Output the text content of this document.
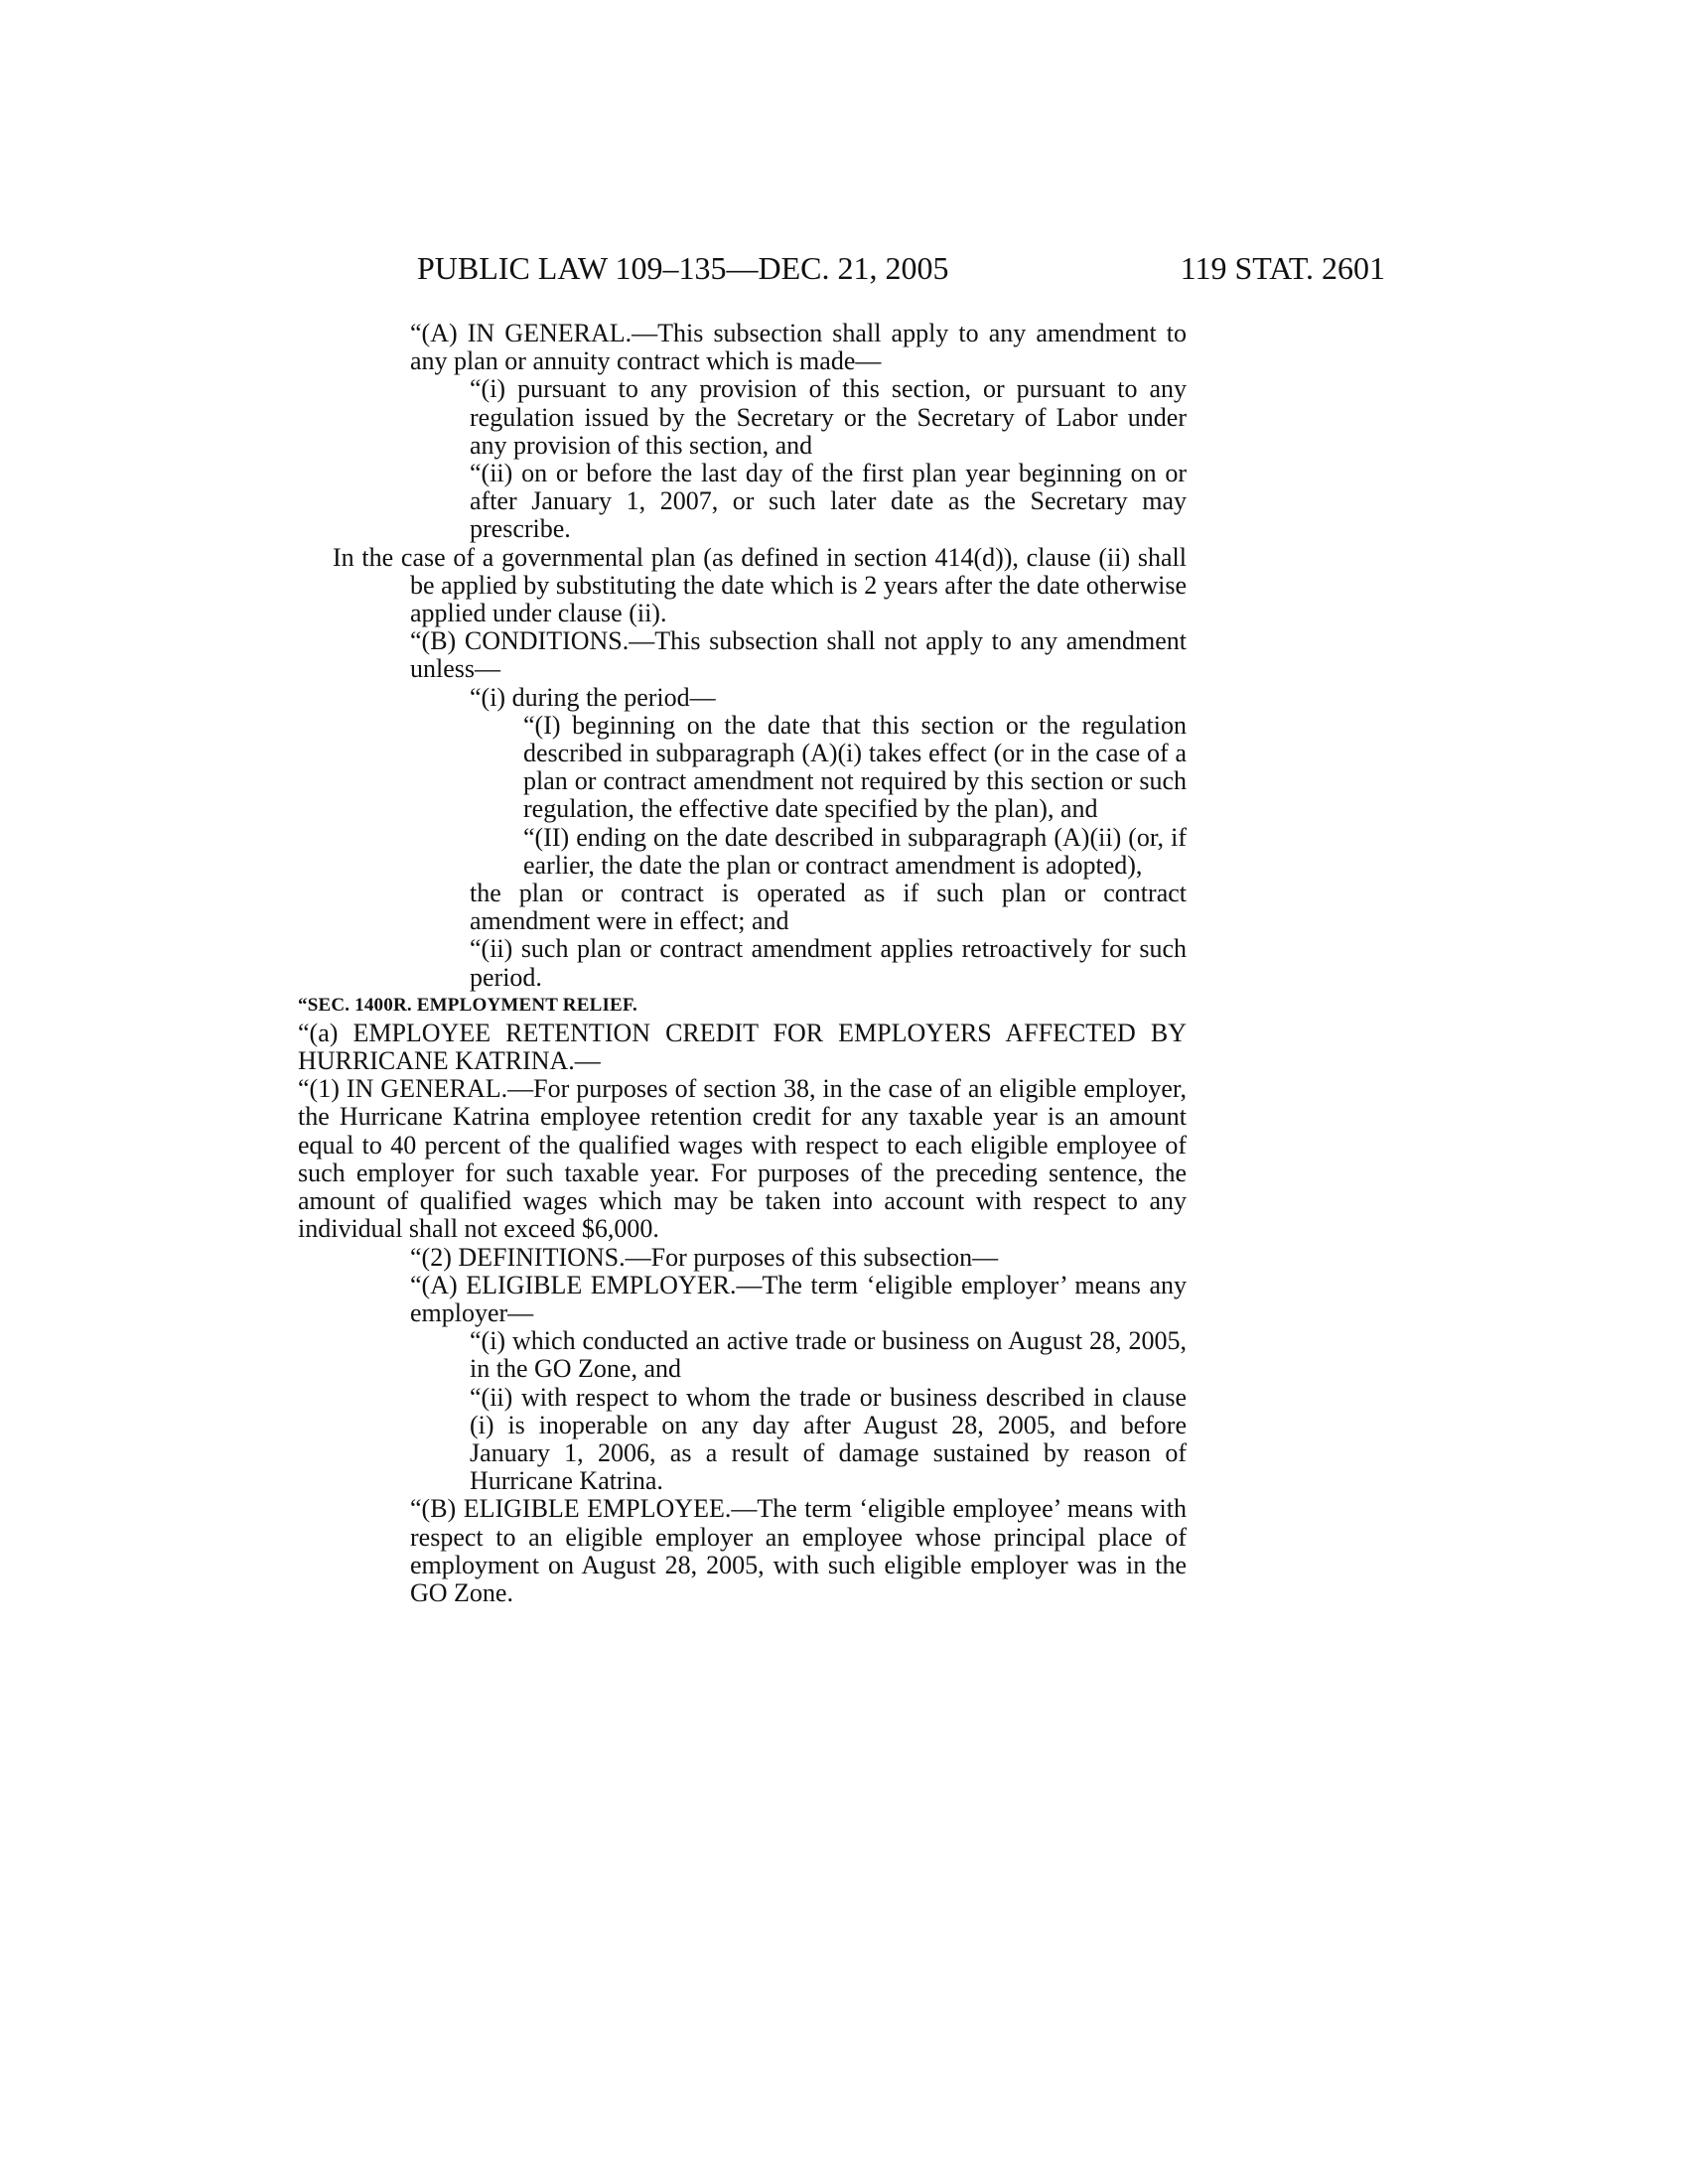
PUBLIC LAW 109–135—DEC. 21, 2005	119 STAT. 2601

“(A) IN GENERAL.—This subsection shall apply to any amendment to any plan or annuity contract which is made—

“(i) pursuant to any provision of this section, or pursuant to any regulation issued by the Secretary or the Secretary of Labor under any provision of this section, and

“(ii) on or before the last day of the first plan year beginning on or after January 1, 2007, or such later date as the Secretary may prescribe.

In the case of a governmental plan (as defined in section 414(d)), clause (ii) shall be applied by substituting the date which is 2 years after the date otherwise applied under clause (ii).

“(B) CONDITIONS.—This subsection shall not apply to any amendment unless—

“(i) during the period—

“(I) beginning on the date that this section or the regulation described in subparagraph (A)(i) takes effect (or in the case of a plan or contract amendment not required by this section or such regulation, the effective date specified by the plan), and

“(II) ending on the date described in subparagraph (A)(ii) (or, if earlier, the date the plan or contract amendment is adopted),

the plan or contract is operated as if such plan or contract amendment were in effect; and

“(ii) such plan or contract amendment applies retroactively for such period.

“SEC. 1400R. EMPLOYMENT RELIEF.

“(a) EMPLOYEE RETENTION CREDIT FOR EMPLOYERS AFFECTED BY HURRICANE KATRINA.—

“(1) IN GENERAL.—For purposes of section 38, in the case of an eligible employer, the Hurricane Katrina employee retention credit for any taxable year is an amount equal to 40 percent of the qualified wages with respect to each eligible employee of such employer for such taxable year. For purposes of the preceding sentence, the amount of qualified wages which may be taken into account with respect to any individual shall not exceed $6,000.

“(2) DEFINITIONS.—For purposes of this subsection—

“(A) ELIGIBLE EMPLOYER.—The term ‘eligible employer’ means any employer—

“(i) which conducted an active trade or business on August 28, 2005, in the GO Zone, and

“(ii) with respect to whom the trade or business described in clause (i) is inoperable on any day after August 28, 2005, and before January 1, 2006, as a result of damage sustained by reason of Hurricane Katrina.

“(B) ELIGIBLE EMPLOYEE.—The term ‘eligible employee’ means with respect to an eligible employer an employee whose principal place of employment on August 28, 2005, with such eligible employer was in the GO Zone.
